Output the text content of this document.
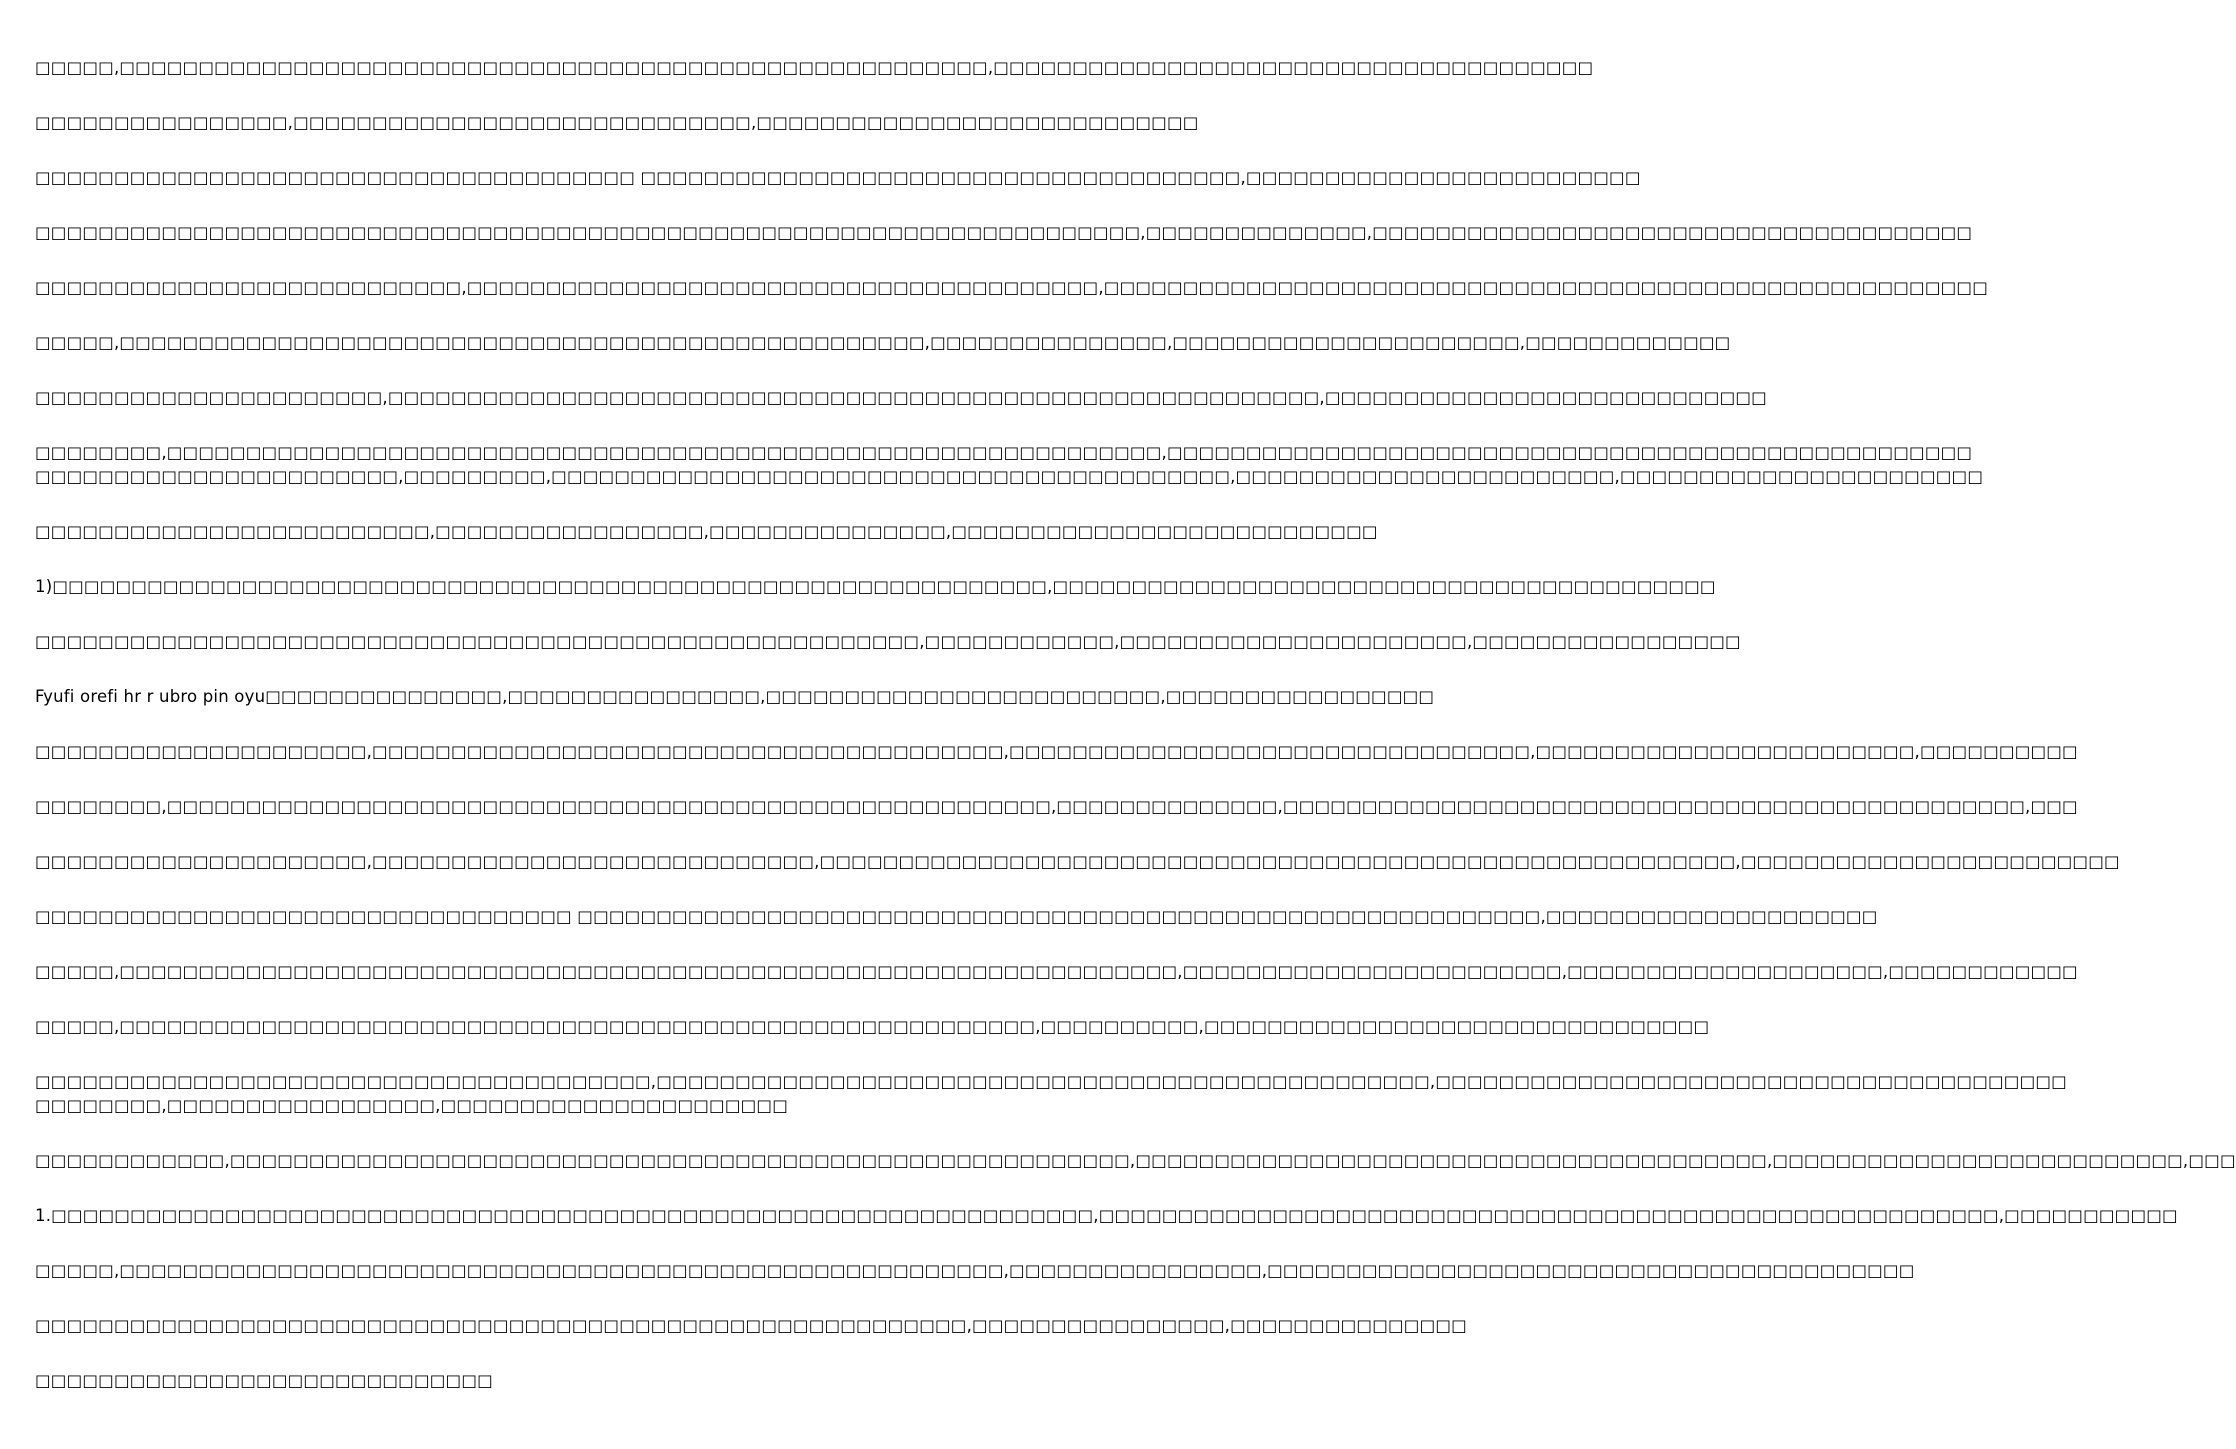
□□□□□,□□□□□□□□□□□□□□□□□□□□□□□□□□□□□□□□□□□□□□□□□□□□□□□□□□□□□□□,□□□□□□□□□□□□□□□□□□□□□□□□□□□□□□□□□□□□□□

□□□□□□□□□□□□□□□□,□□□□□□□□□□□□□□□□□□□□□□□□□□□□□,□□□□□□□□□□□□□□□□□□□□□□□□□□□□

□□□□□□□□□□□□□□□□□□□□□□□□□□□□□□□□□□□□□□ □□□□□□□□□□□□□□□□□□□□□□□□□□□□□□□□□□□□□□,□□□□□□□□□□□□□□□□□□□□□□□□□

□□□□□□□□□□□□□□□□□□□□□□□□□□□□□□□□□□□□□□□□□□□□□□□□□□□□□□□□□□□□□□□□□□□□□□,□□□□□□□□□□□□□□,□□□□□□□□□□□□□□□□□□□□□□□□□□□□□□□□□□□□□□

□□□□□□□□□□□□□□□□□□□□□□□□□□□,□□□□□□□□□□□□□□□□□□□□□□□□□□□□□□□□□□□□□□□□,□□□□□□□□□□□□□□□□□□□□□□□□□□□□□□□□□□□□□□□□□□□□□□□□□□□□□□□□

□□□□□,□□□□□□□□□□□□□□□□□□□□□□□□□□□□□□□□□□□□□□□□□□□□□□□□□□□,□□□□□□□□□□□□□□□,□□□□□□□□□□□□□□□□□□□□□□,□□□□□□□□□□□□□

□□□□□□□□□□□□□□□□□□□□□□,□□□□□□□□□□□□□□□□□□□□□□□□□□□□□□□□□□□□□□□□□□□□□□□□□□□□□□□□□□□,□□□□□□□□□□□□□□□□□□□□□□□□□□□□

□□□□□□□□,□□□□□□□□□□□□□□□□□□□□□□□□□□□□□□□□□□□□□□□□□□□□□□□□□□□□□□□□□□□□□□□,□□□□□□□□□□□□□□□□□□□□□□□□□□□□□□□□□□□□□□□□□□□□□□□□□□□
□□□□□□□□□□□□□□□□□□□□□□□,□□□□□□□□□,□□□□□□□□□□□□□□□□□□□□□□□□□□□□□□□□□□□□□□□□□□□,□□□□□□□□□□□□□□□□□□□□□□□□,□□□□□□□□□□□□□□□□□□□□□□□

□□□□□□□□□□□□□□□□□□□□□□□□□,□□□□□□□□□□□□□□□□□,□□□□□□□□□□□□□□□,□□□□□□□□□□□□□□□□□□□□□□□□□□□

1)□□□□□□□□□□□□□□□□□□□□□□□□□□□□□□□□□□□□□□□□□□□□□□□□□□□□□□□□□□□□□□□,□□□□□□□□□□□□□□□□□□□□□□□□□□□□□□□□□□□□□□□□□□

□□□□□□□□□□□□□□□□□□□□□□□□□□□□□□□□□□□□□□□□□□□□□□□□□□□□□□□□,□□□□□□□□□□□□,□□□□□□□□□□□□□□□□□□□□□□,□□□□□□□□□□□□□□□□□

Fyufi orefi hr r ubro pin oyu□□□□□□□□□□□□□□□,□□□□□□□□□□□□□□□□,□□□□□□□□□□□□□□□□□□□□□□□□□,□□□□□□□□□□□□□□□□□

□□□□□□□□□□□□□□□□□□□□□,□□□□□□□□□□□□□□□□□□□□□□□□□□□□□□□□□□□□□□□□,□□□□□□□□□□□□□□□□□□□□□□□□□□□□□□□□□,□□□□□□□□□□□□□□□□□□□□□□□□,□□□□□□□□□□

□□□□□□□□,□□□□□□□□□□□□□□□□□□□□□□□□□□□□□□□□□□□□□□□□□□□□□□□□□□□□□□□□,□□□□□□□□□□□□□□,□□□□□□□□□□□□□□□□□□□□□□□□□□□□□□□□□□□□□□□□□□□□□□□,□□□

□□□□□□□□□□□□□□□□□□□□□,□□□□□□□□□□□□□□□□□□□□□□□□□□□□,□□□□□□□□□□□□□□□□□□□□□□□□□□□□□□□□□□□□□□□□□□□□□□□□□□□□□□□□□□,□□□□□□□□□□□□□□□□□□□□□□□□

□□□□□□□□□□□□□□□□□□□□□□□□□□□□□□□□□□ □□□□□□□□□□□□□□□□□□□□□□□□□□□□□□□□□□□□□□□□□□□□□□□□□□□□□□□□□□□□□,□□□□□□□□□□□□□□□□□□□□□

□□□□□,□□□□□□□□□□□□□□□□□□□□□□□□□□□□□□□□□□□□□□□□□□□□□□□□□□□□□□□□□□□□□□□□□□□,□□□□□□□□□□□□□□□□□□□□□□□□,□□□□□□□□□□□□□□□□□□□□,□□□□□□□□□□□□

□□□□□,□□□□□□□□□□□□□□□□□□□□□□□□□□□□□□□□□□□□□□□□□□□□□□□□□□□□□□□□□□,□□□□□□□□□□,□□□□□□□□□□□□□□□□□□□□□□□□□□□□□□□□

□□□□□□□□□□□□□□□□□□□□□□□□□□□□□□□□□□□□□□□,□□□□□□□□□□□□□□□□□□□□□□□□□□□□□□□□□□□□□□□□□□□□□□□□□,□□□□□□□□□□□□□□□□□□□□□□□□□□□□□□□□□□□□□□□□
□□□□□□□□,□□□□□□□□□□□□□□□□□,□□□□□□□□□□□□□□□□□□□□□□

□□□□□□□□□□□□,□□□□□□□□□□□□□□□□□□□□□□□□□□□□□□□□□□□□□□□□□□□□□□□□□□□□□□□□□,□□□□□□□□□□□□□□□□□□□□□□□□□□□□□□□□□□□□□□□□,□□□□□□□□□□□□□□□□□□□□□□□□□□,□□□

1.□□□□□□□□□□□□□□□□□□□□□□□□□□□□□□□□□□□□□□□□□□□□□□□□□□□□□□□□□□□□□□□□□□,□□□□□□□□□□□□□□□□□□□□□□□□□□□□□□□□□□□□□□□□□□□□□□□□□□□□□□□□□,□□□□□□□□□□□

□□□□□,□□□□□□□□□□□□□□□□□□□□□□□□□□□□□□□□□□□□□□□□□□□□□□□□□□□□□□□□,□□□□□□□□□□□□□□□□,□□□□□□□□□□□□□□□□□□□□□□□□□□□□□□□□□□□□□□□□□

□□□□□□□□□□□□□□□□□□□□□□□□□□□□□□□□□□□□□□□□□□□□□□□□□□□□□□□□□□□,□□□□□□□□□□□□□□□□,□□□□□□□□□□□□□□□

□□□□□□□□□□□□□□□□□□□□□□□□□□□□□
